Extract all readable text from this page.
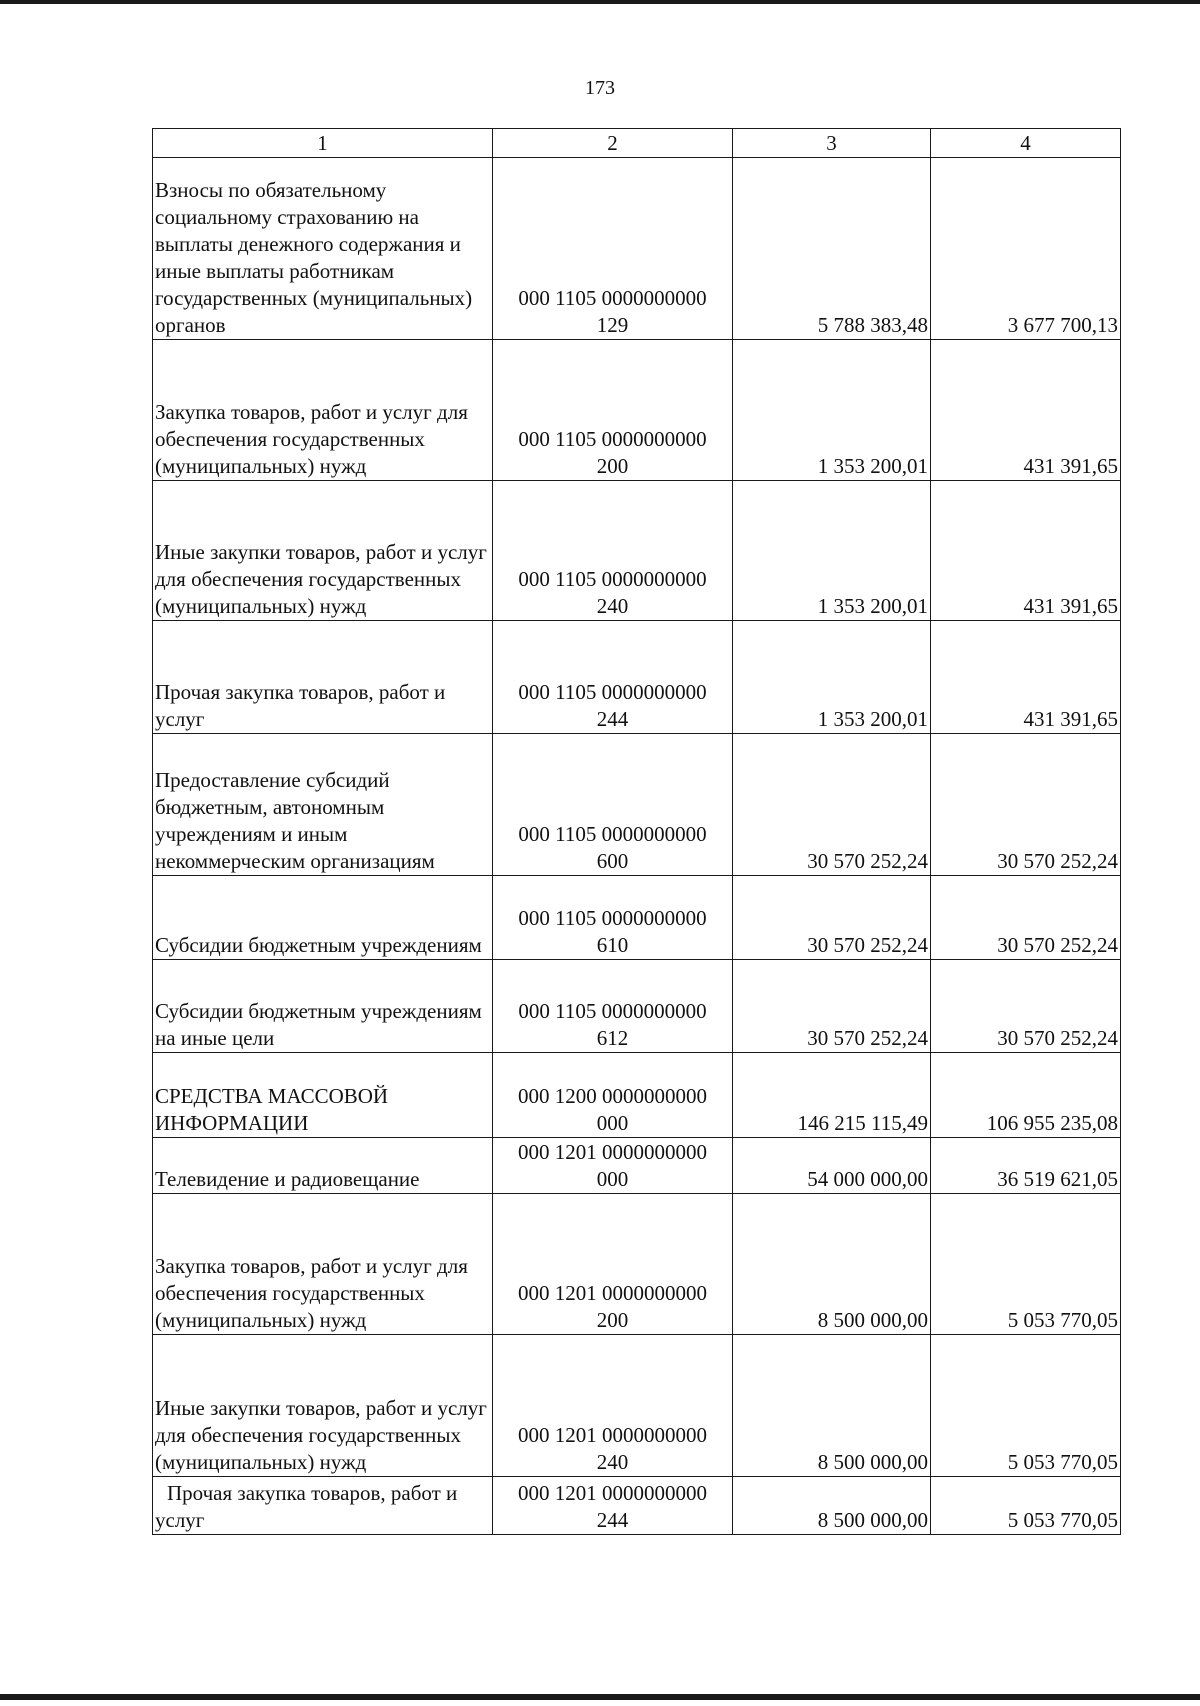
173
1	2	3	4
Взносы по обязательному социальному страхованию на выплаты денежного содержания и иные выплаты работникам государственных (муниципальных) органов	000 1105 0000000000
129	5 788 383,48	3 677 700,13
Закупка товаров, работ и услуг для обеспечения государственных (муниципальных) нужд	000 1105 0000000000
200	1 353 200,01	431 391,65
Иные закупки товаров, работ и услуг для обеспечения государственных (муниципальных) нужд	000 1105 0000000000
240	1 353 200,01	431 391,65
Прочая закупка товаров, работ и услуг	000 1105 0000000000
244	1 353 200,01	431 391,65
Предоставление субсидий бюджетным, автономным учреждениям и иным некоммерческим организациям	000 1105 0000000000
600	30 570 252,24	30 570 252,24
Субсидии бюджетным учреждениям	000 1105 0000000000
610	30 570 252,24	30 570 252,24
Субсидии бюджетным учреждениям на иные цели	000 1105 0000000000
612	30 570 252,24	30 570 252,24
СРЕДСТВА МАССОВОЙ ИНФОРМАЦИИ	000 1200 0000000000
000	146 215 115,49	106 955 235,08
Телевидение и радиовещание	000 1201 0000000000
000	54 000 000,00	36 519 621,05
Закупка товаров, работ и услуг для обеспечения государственных (муниципальных) нужд	000 1201 0000000000
200	8 500 000,00	5 053 770,05
Иные закупки товаров, работ и услуг для обеспечения государственных (муниципальных) нужд	000 1201 0000000000
240	8 500 000,00	5 053 770,05
Прочая закупка товаров, работ и услуг	000 1201 0000000000
244	8 500 000,00	5 053 770,05
